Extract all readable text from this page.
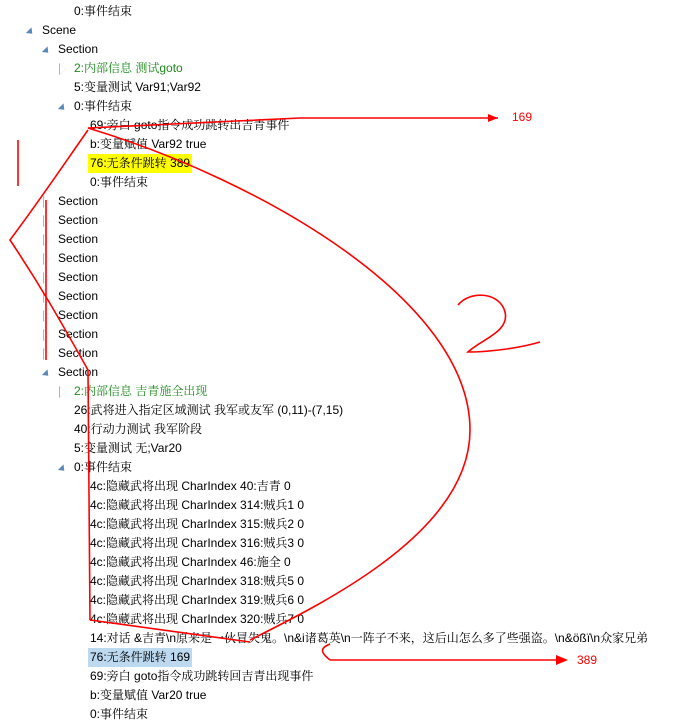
0:事件结束
Scene
Section
2:内部信息 测试goto
5:变量测试 Var91;Var92
0:事件结束
69:旁白 goto指令成功跳转出吉青事件
b:变量赋值 Var92 true
76:无条件跳转 389
0:事件结束
Section
Section
Section
Section
Section
Section
Section
Section
Section
Section
2:内部信息 吉青施全出现
26:武将进入指定区域测试 我军或友军 (0,11)-(7,15)
40:行动力测试 我军阶段
5:变量测试 无;Var20
0:事件结束
4c:隐藏武将出现 CharIndex 40:吉青 0
4c:隐藏武将出现 CharIndex 314:贼兵1 0
4c:隐藏武将出现 CharIndex 315:贼兵2 0
4c:隐藏武将出现 CharIndex 316:贼兵3 0
4c:隐藏武将出现 CharIndex 46:施全 0
4c:隐藏武将出现 CharIndex 318:贼兵5 0
4c:隐藏武将出现 CharIndex 319:贼兵6 0
4c:隐藏武将出现 CharIndex 320:贼兵7 0
14:对话 &吉青\n原来是一伙冒失鬼。\n&i诸葛英\n一阵子不来，这后山怎么多了些强盗。\n&ößï\n众家兄弟
76:无条件跳转 169
69:旁白 goto指令成功跳转回吉青出现事件
b:变量赋值 Var20 true
0:事件结束
169
389
